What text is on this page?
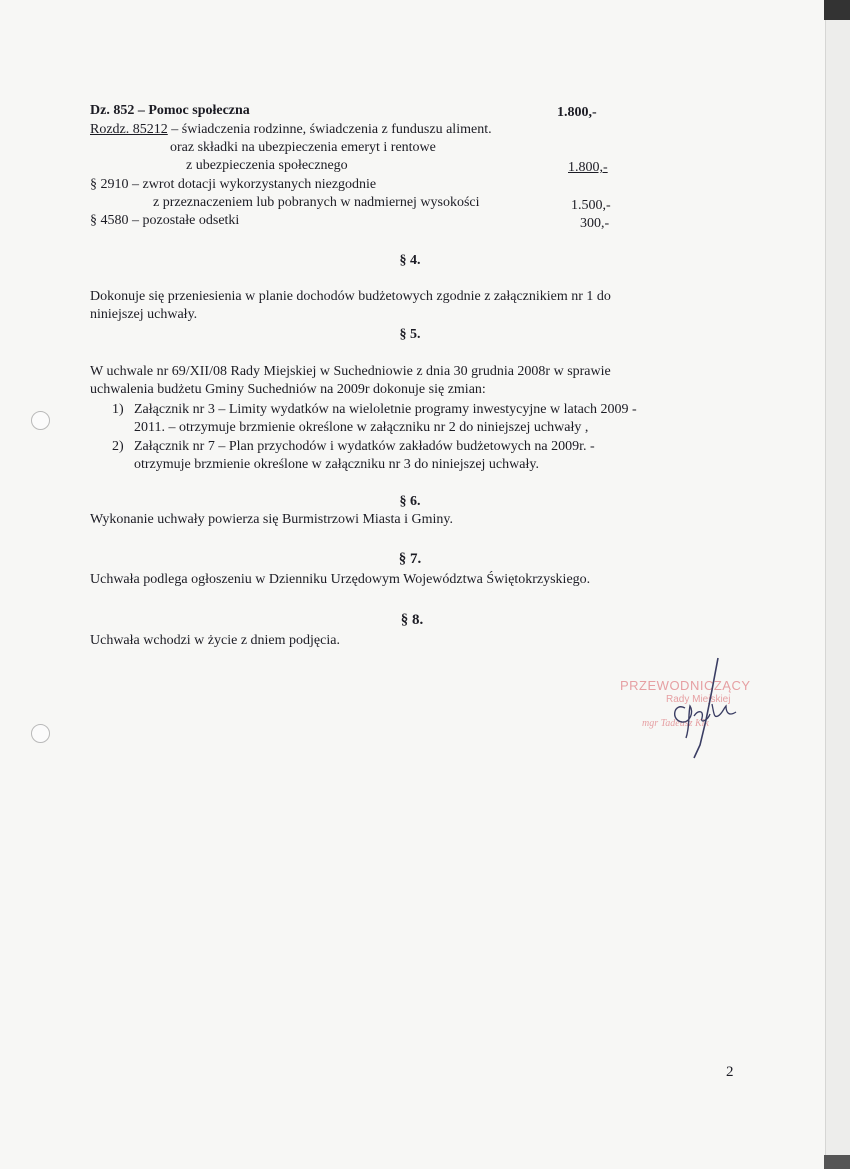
Dz. 852 – Pomoc społeczna	1.800,-
Rozdz. 85212 – świadczenia rodzinne, świadczenia z funduszu aliment.
oraz składki na ubezpieczenia emeryt i rentowe
z ubezpieczenia społecznego	1.800,-
§ 2910 – zwrot dotacji wykorzystanych niezgodnie
z przeznaczeniem lub pobranych w nadmiernej wysokości	1.500,-
§ 4580 – pozostałe odsetki	300,-
§ 4.
Dokonuje się przeniesienia w planie dochodów budżetowych zgodnie z załącznikiem nr 1 do
niniejszej uchwały.
§ 5.
W uchwale nr 69/XII/08 Rady Miejskiej w Suchedniowie z dnia 30 grudnia 2008r w sprawie
uchwalenia budżetu Gminy Suchedniów na 2009r dokonuje się zmian:
1) Załącznik nr 3 – Limity wydatków na wieloletnie programy inwestycyjne w latach 2009 -
2011. – otrzymuje brzmienie określone w załączniku nr 2 do niniejszej uchwały ,
2) Załącznik nr 7 – Plan przychodów i wydatków zakładów budżetowych na 2009r. -
otrzymuje brzmienie określone w załączniku nr 3 do niniejszej uchwały.
§ 6.
Wykonanie uchwały powierza się Burmistrzowi Miasta i Gminy.
§ 7.
Uchwała podlega ogłoszeniu w Dzienniku Urzędowym Województwa Świętokrzyskiego.
§ 8.
Uchwała wchodzi w życie z dniem podjęcia.
PRZEWODNICZĄCY
Rady Miejskiej
mgr Tadeusz Kik
2
